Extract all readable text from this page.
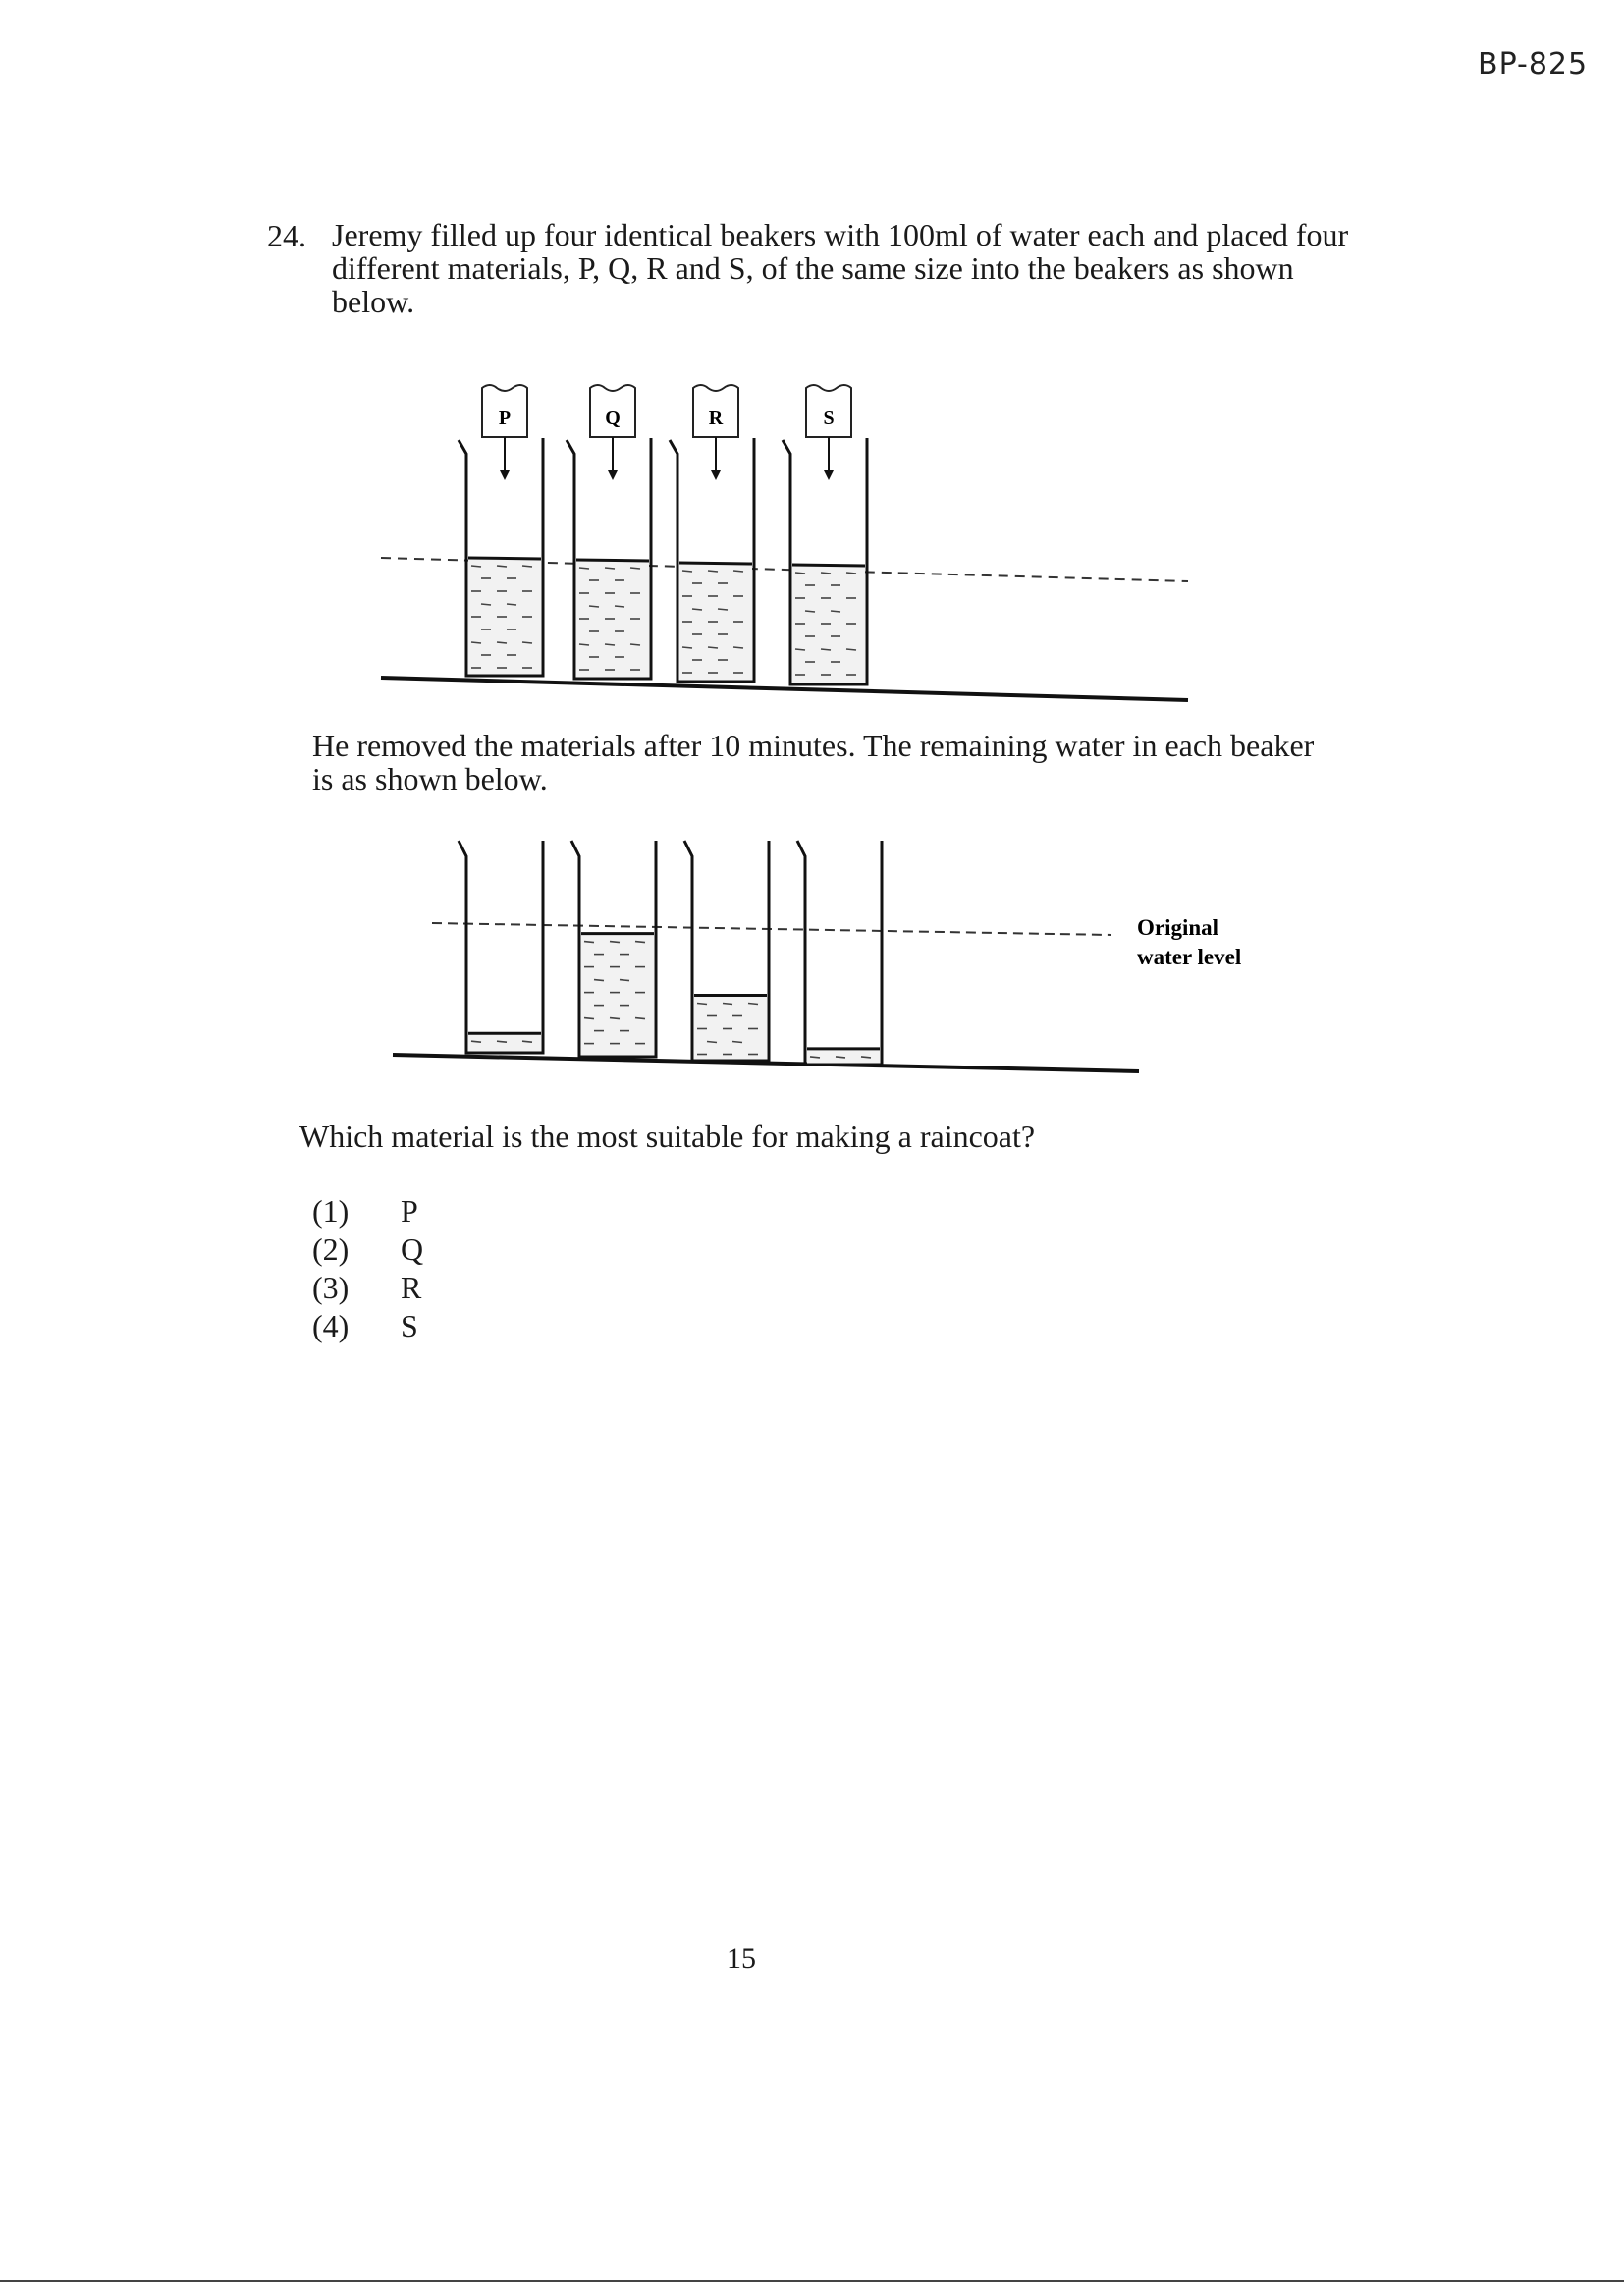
BP-825
24. Jeremy filled up four identical beakers with 100ml of water each and placed four different materials, P, Q, R and S, of the same size into the beakers as shown below.
P	Q	R	S
He removed the materials after 10 minutes. The remaining water in each beaker is as shown below.
Original
water level
Which material is the most suitable for making a raincoat?
(1)	P
(2)	Q
(3)	R
(4)	S
15
